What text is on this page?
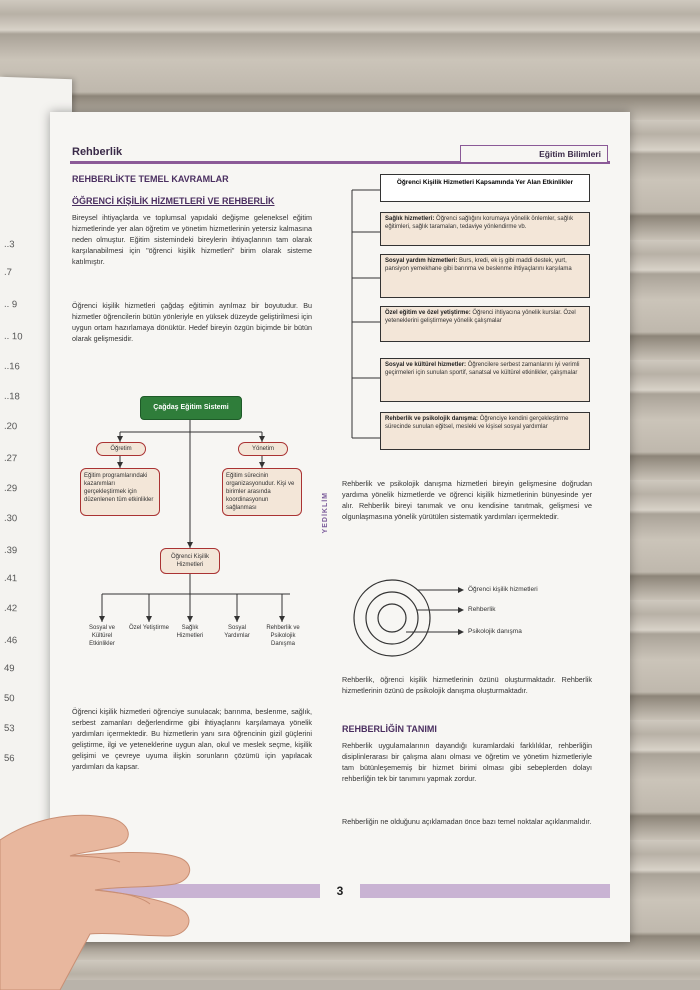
..3
.7
.. 9
.. 10
..16
..18
.20
.27
.29
.30
.39
.41
.42
.46
49
50
53
56
Rehberlik	Eğitim Bilimleri
REHBERLİKTE TEMEL KAVRAMLAR
ÖĞRENCİ KİŞİLİK HİZMETLERİ VE REHBERLİK
Bireysel ihtiyaçlarda ve toplumsal yapıdaki değişme geleneksel eğitim hizmetlerinde yer alan öğretim ve yönetim hizmetlerinin yetersiz kalmasına neden olmuştur. Eğitim sistemindeki bireylerin ihtiyaçlarının tam olarak karşılanabilmesi için "öğrenci kişilik hizmetleri" birim olarak sisteme katılmıştır.
Öğrenci kişilik hizmetleri çağdaş eğitimin ayrılmaz bir boyutudur. Bu hizmetler öğrencilerin bütün yönleriyle en yüksek düzeyde geliştirilmesi için uygun ortam hazırlamaya dönüktür. Hedef bireyin özgün biçimde bir bütün olarak gelişmesidir.
Çağdaş Eğitim Sistemi
Öğretim	Yönetim
Eğitim programlarındaki kazanımları gerçekleştirmek için düzenlenen tüm etkinlikler
Eğitim sürecinin organizasyonudur. Kişi ve birimler arasında koordinasyonun sağlanması
Öğrenci Kişilik Hizmetleri
Sosyal ve Kültürel Etkinlikler
Özel Yetiştirme	Sağlık Hizmetleri
Sosyal Yardımlar
Rehberlik ve Psikolojik Danışma
Öğrenci kişilik hizmetleri öğrenciye sunulacak; barınma, beslenme, sağlık, serbest zamanları değerlendirme gibi ihtiyaçlarını karşılamaya yönelik yardımları içermektedir. Bu hizmetlerin yanı sıra öğrencinin gizil güçlerini geliştirme, ilgi ve yeteneklerine uygun alan, okul ve meslek seçme, kişilik gelişimi ve çevreye uyuma ilişkin sorunların çözümü için yapılacak yardımları da kapsar.
YEDİKLİM
Öğrenci Kişilik Hizmetleri Kapsamında Yer Alan Etkinlikler
Sağlık hizmetleri: Öğrenci sağlığını korumaya yönelik önlemler, sağlık eğitimleri, sağlık taramaları, tedaviye yönlendirme vb.
Sosyal yardım hizmetleri: Burs, kredi, ek iş gibi maddi destek, yurt, pansiyon yemekhane gibi barınma ve beslenme ihtiyaçlarını karşılama
Özel eğitim ve özel yetiştirme: Öğrenci ihtiyacına yönelik kurslar. Özel yeteneklerini geliştirmeye yönelik çalışmalar
Sosyal ve kültürel hizmetler: Öğrencilere serbest zamanlarını iyi verimli geçirmeleri için sunulan sportif, sanatsal ve kültürel etkinlikler, çalışmalar
Rehberlik ve psikolojik danışma: Öğrenciye kendini gerçekleştirme sürecinde sunulan eğitsel, mesleki ve kişisel sosyal yardımlar
Rehberlik ve psikolojik danışma hizmetleri bireyin gelişmesine doğrudan yardıma yönelik hizmetlerde ve öğrenci kişilik hizmetlerinin bünyesinde yer alır. Rehberlik bireyi tanımak ve onu kendisine tanıtmak, gelişmesi ve olgunlaşmasına yönelik yürütülen sistematik yardımları içermektedir.
Öğrenci kişilik hizmetleri
Rehberlik
Psikolojik danışma
Rehberlik, öğrenci kişilik hizmetlerinin özünü oluşturmaktadır. Rehberlik hizmetlerinin özünü de psikolojik danışma oluşturmaktadır.
REHBERLİĞİN TANIMI
Rehberlik uygulamalarının dayandığı kuramlardaki farklılıklar, rehberliğin disiplinlerarası bir çalışma alanı olması ve öğretim ve yönetim hizmetleriyle tam bütünleşememiş bir hizmet birimi olması gibi sebeplerden dolayı rehberliğin tek bir tanımını yapmak zordur.
Rehberliğin ne olduğunu açıklamadan önce bazı temel noktalar açıklanmalıdır.
3
